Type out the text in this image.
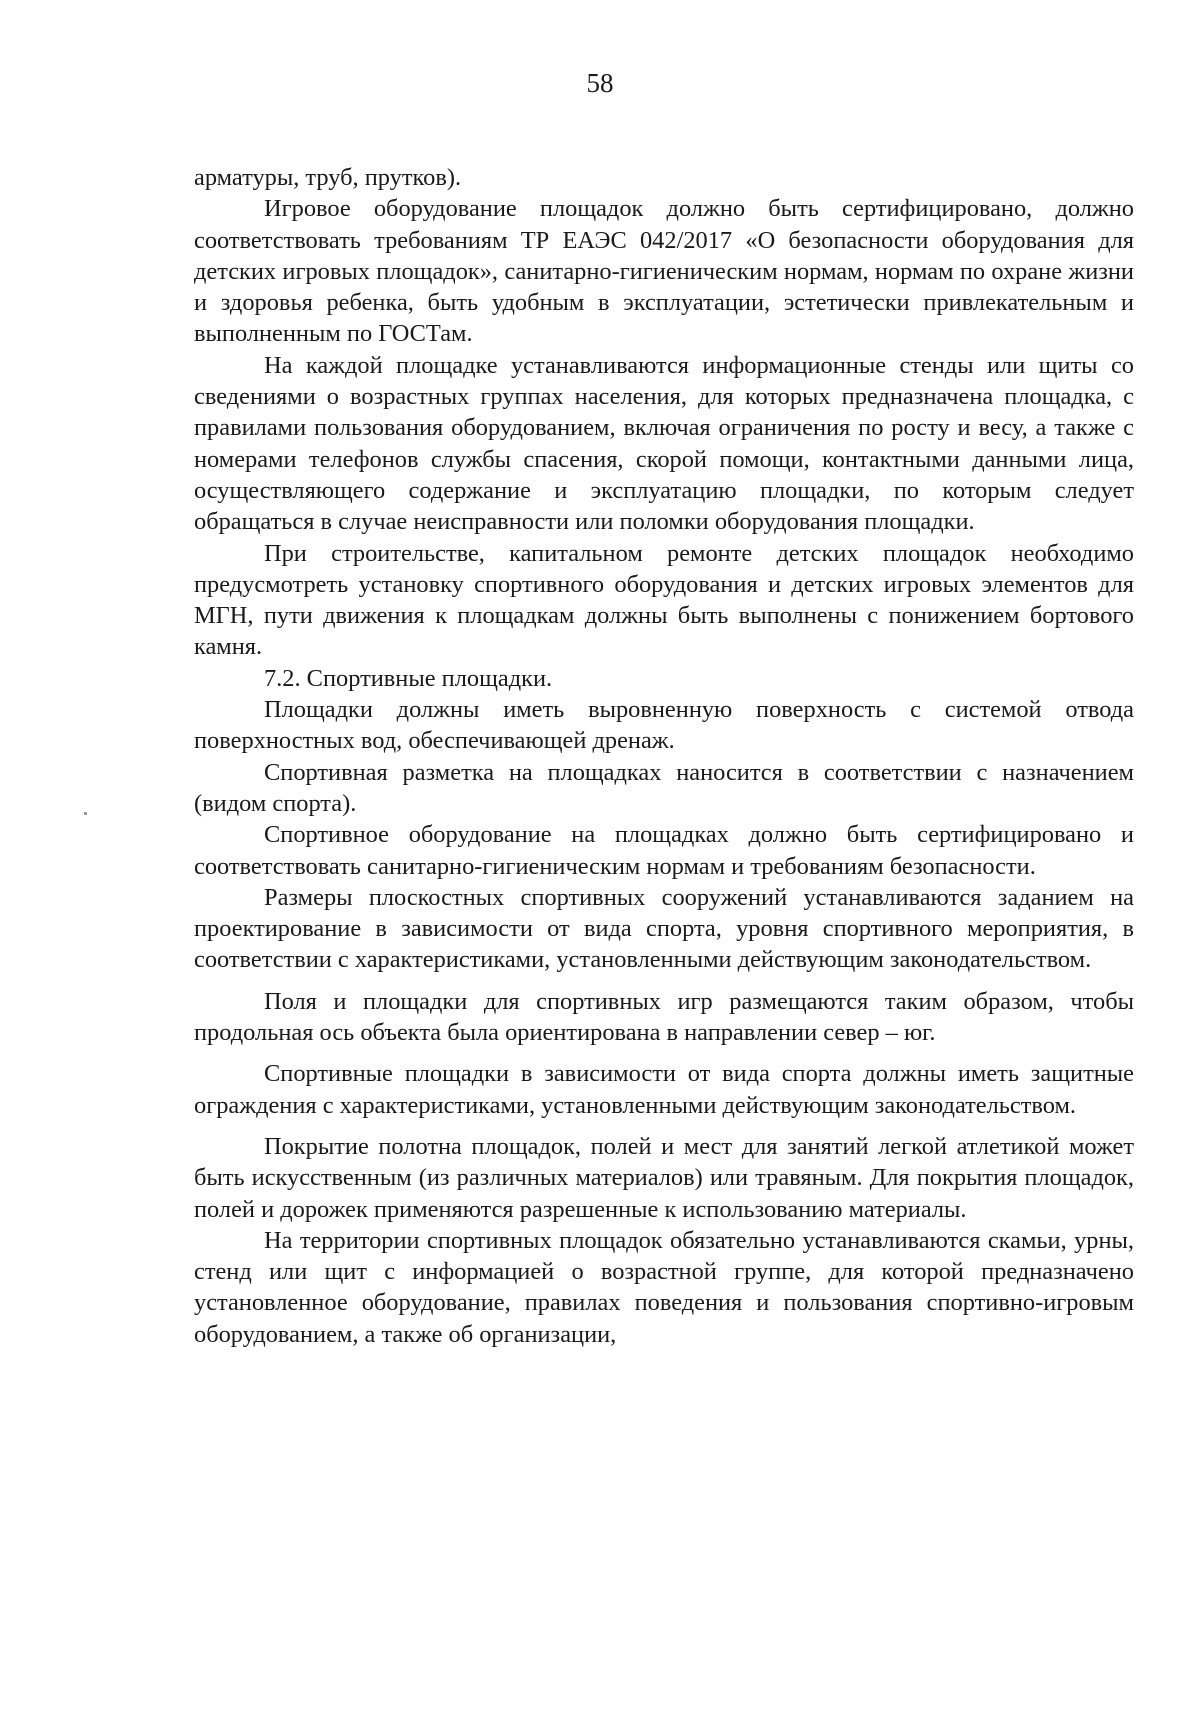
58

арматуры, труб, прутков).

Игровое оборудование площадок должно быть сертифицировано, должно соответствовать требованиям ТР ЕАЭС 042/2017 «О безопасности оборудования для детских игровых площадок», санитарно-гигиеническим нормам, нормам по охране жизни и здоровья ребенка, быть удобным в эксплуатации, эстетически привлекательным и выполненным по ГОСТам.

На каждой площадке устанавливаются информационные стенды или щиты со сведениями о возрастных группах населения, для которых предназначена площадка, с правилами пользования оборудованием, включая ограничения по росту и весу, а также с номерами телефонов службы спасения, скорой помощи, контактными данными лица, осуществляющего содержание и эксплуатацию площадки, по которым следует обращаться в случае неисправности или поломки оборудования площадки.

При строительстве, капитальном ремонте детских площадок необходимо предусмотреть установку спортивного оборудования и детских игровых элементов для МГН, пути движения к площадкам должны быть выполнены с понижением бортового камня.

7.2. Спортивные площадки.

Площадки должны иметь выровненную поверхность с системой отвода поверхностных вод, обеспечивающей дренаж.

Спортивная разметка на площадках наносится в соответствии с назначением (видом спорта).

Спортивное оборудование на площадках должно быть сертифицировано и соответствовать санитарно-гигиеническим нормам и требованиям безопасности.

Размеры плоскостных спортивных сооружений устанавливаются заданием на проектирование в зависимости от вида спорта, уровня спортивного мероприятия, в соответствии с характеристиками, установленными действующим законодательством.

Поля и площадки для спортивных игр размещаются таким образом, чтобы продольная ось объекта была ориентирована в направлении север – юг.

Спортивные площадки в зависимости от вида спорта должны иметь защитные ограждения с характеристиками, установленными действующим законодательством.

Покрытие полотна площадок, полей и мест для занятий легкой атлетикой может быть искусственным (из различных материалов) или травяным. Для покрытия площадок, полей и дорожек применяются разрешенные к использованию материалы.

На территории спортивных площадок обязательно устанавливаются скамьи, урны, стенд или щит с информацией о возрастной группе, для которой предназначено установленное оборудование, правилах поведения и пользования спортивно-игровым оборудованием, а также об организации,
